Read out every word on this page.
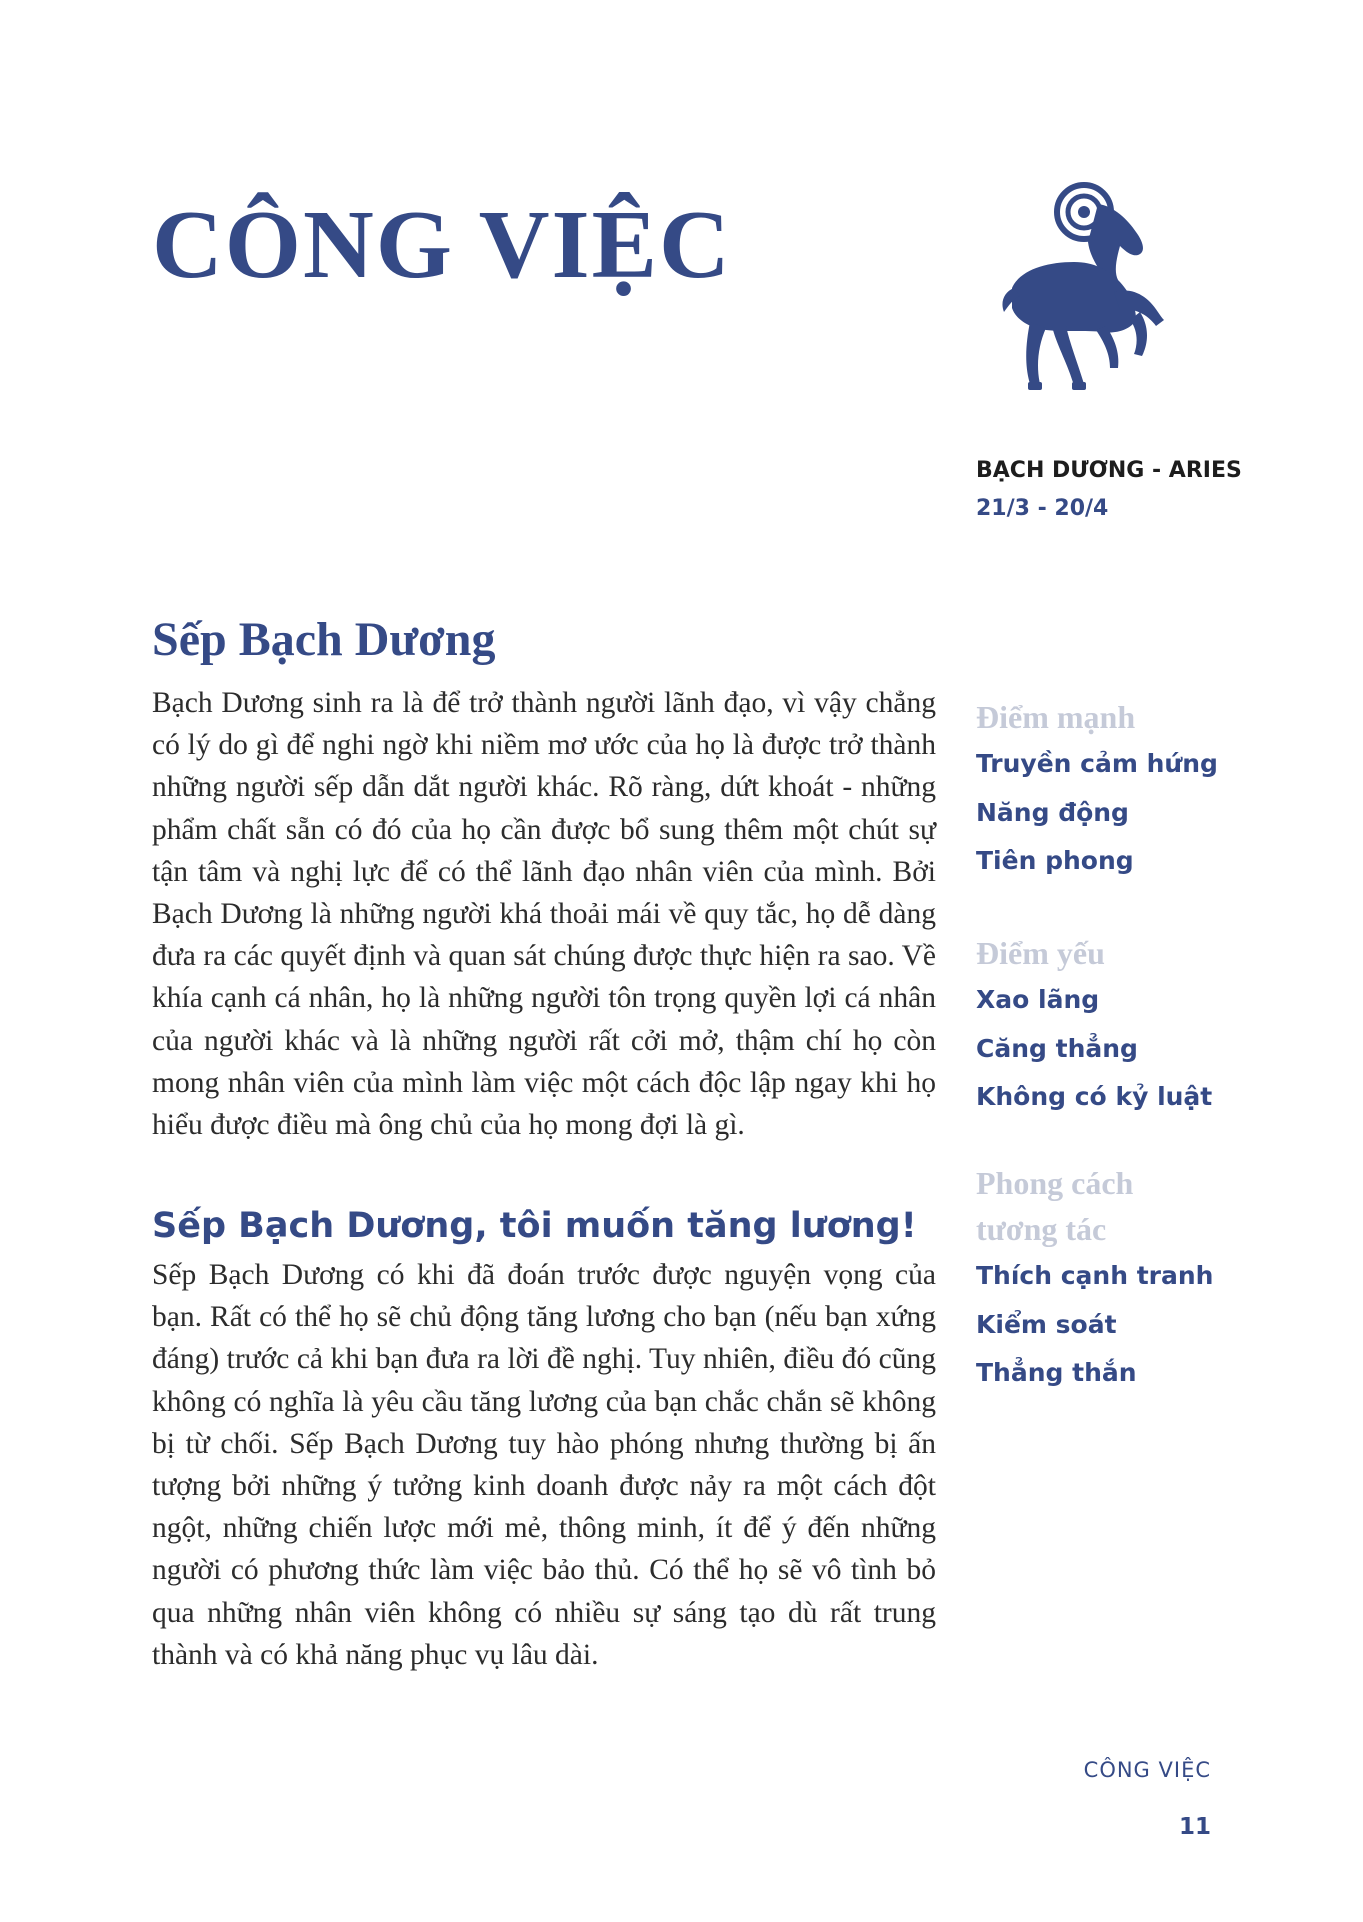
CÔNG VIỆC
BẠCH DƯƠNG - ARIES
21/3 - 20/4
Sếp Bạch Dương

Bạch Dương sinh ra là để trở thành người lãnh đạo, vì vậy chẳng có lý do gì để nghi ngờ khi niềm mơ ước của họ là được trở thành những người sếp dẫn dắt người khác. Rõ ràng, dứt khoát - những phẩm chất sẵn có đó của họ cần được bổ sung thêm một chút sự tận tâm và nghị lực để có thể lãnh đạo nhân viên của mình. Bởi Bạch Dương là những người khá thoải mái về quy tắc, họ dễ dàng đưa ra các quyết định và quan sát chúng được thực hiện ra sao. Về khía cạnh cá nhân, họ là những người tôn trọng quyền lợi cá nhân của người khác và là những người rất cởi mở, thậm chí họ còn mong nhân viên của mình làm việc một cách độc lập ngay khi họ hiểu được điều mà ông chủ của họ mong đợi là gì.

Sếp Bạch Dương, tôi muốn tăng lương!

Sếp Bạch Dương có khi đã đoán trước được nguyện vọng của bạn. Rất có thể họ sẽ chủ động tăng lương cho bạn (nếu bạn xứng đáng) trước cả khi bạn đưa ra lời đề nghị. Tuy nhiên, điều đó cũng không có nghĩa là yêu cầu tăng lương của bạn chắc chắn sẽ không bị từ chối. Sếp Bạch Dương tuy hào phóng nhưng thường bị ấn tượng bởi những ý tưởng kinh doanh được nảy ra một cách đột ngột, những chiến lược mới mẻ, thông minh, ít để ý đến những người có phương thức làm việc bảo thủ. Có thể họ sẽ vô tình bỏ qua những nhân viên không có nhiều sự sáng tạo dù rất trung thành và có khả năng phục vụ lâu dài.

Điểm mạnh

Truyền cảm hứng

Năng động

Tiên phong

Điểm yếu

Xao lãng

Căng thẳng

Không có kỷ luật

Phong cách

tương tác

Thích cạnh tranh

Kiểm soát

Thẳng thắn

CÔNG VIỆC
11
